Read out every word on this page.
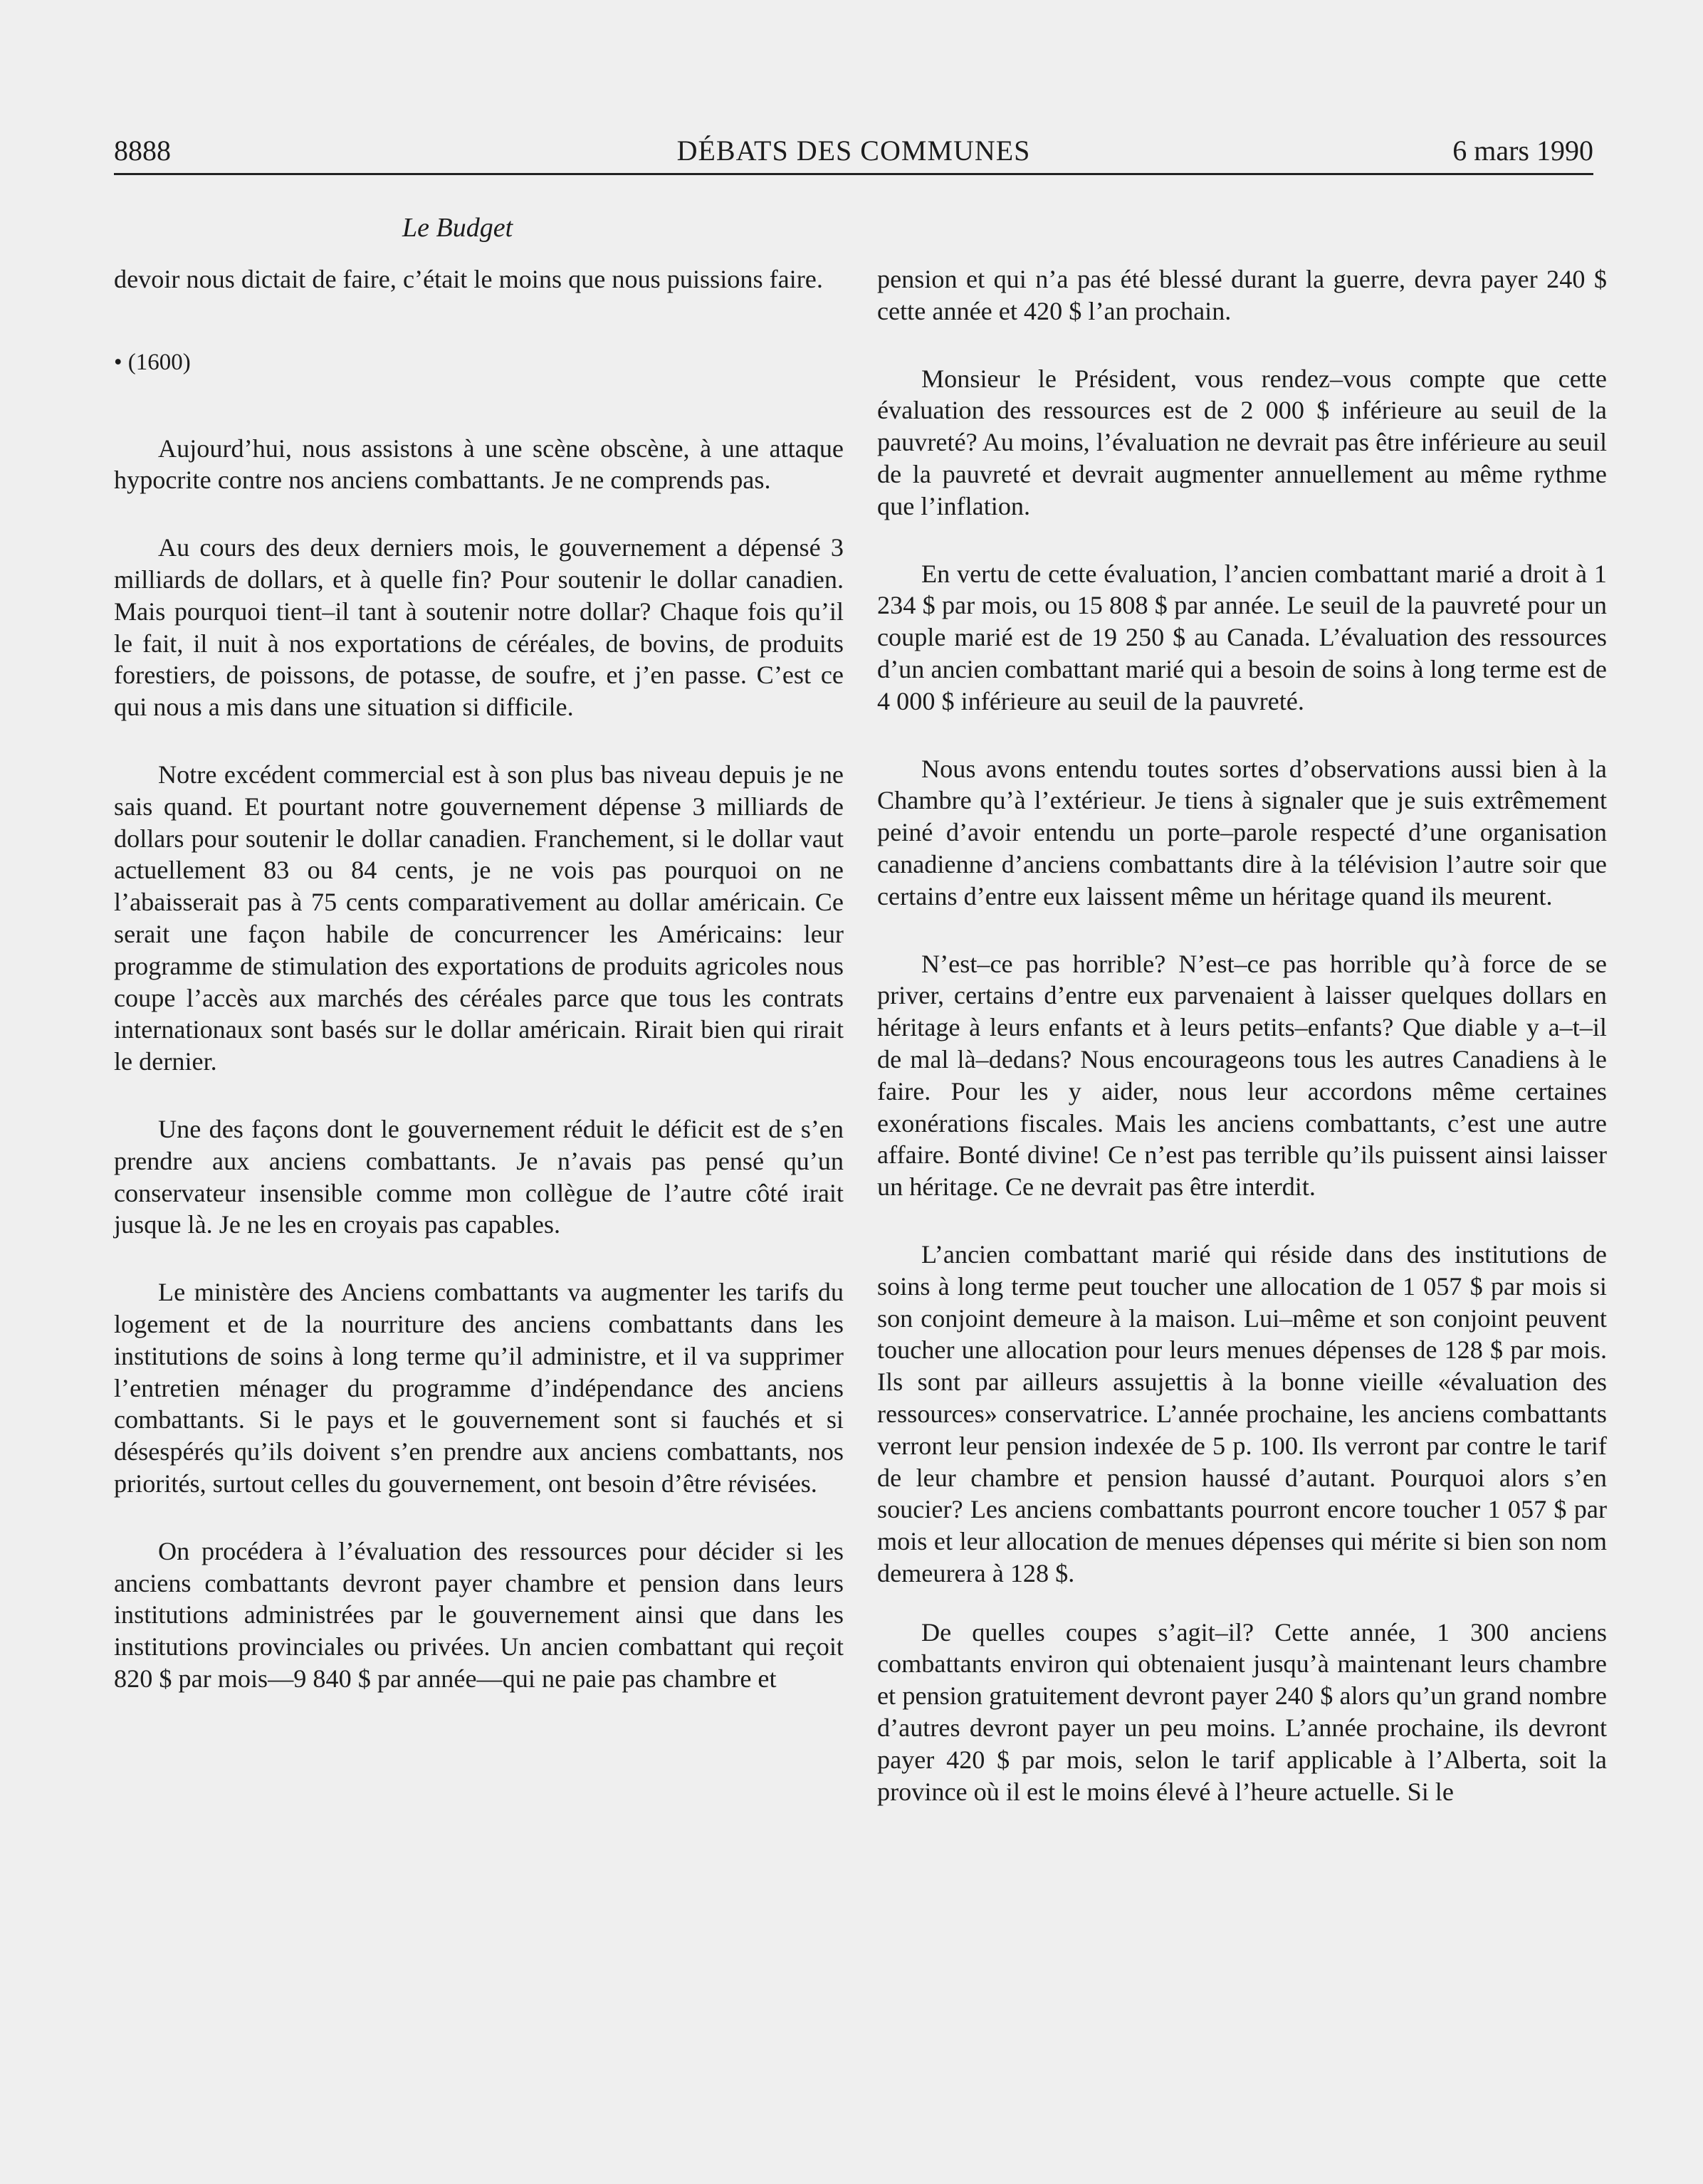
8888	DÉBATS DES COMMUNES	6 mars 1990
Le Budget

devoir nous dictait de faire, c’était le moins que nous puissions faire.

• (1600)

Aujourd’hui, nous assistons à une scène obscène, à une attaque hypocrite contre nos anciens combattants. Je ne comprends pas.

Au cours des deux derniers mois, le gouvernement a dépensé 3 milliards de dollars, et à quelle fin? Pour soutenir le dollar canadien. Mais pourquoi tient–il tant à soutenir notre dollar? Chaque fois qu’il le fait, il nuit à nos exportations de céréales, de bovins, de produits forestiers, de poissons, de potasse, de soufre, et j’en passe. C’est ce qui nous a mis dans une situation si difficile.

Notre excédent commercial est à son plus bas niveau depuis je ne sais quand. Et pourtant notre gouvernement dépense 3 milliards de dollars pour soutenir le dollar canadien. Franchement, si le dollar vaut actuellement 83 ou 84 cents, je ne vois pas pourquoi on ne l’abaisserait pas à 75 cents comparativement au dollar américain. Ce serait une façon habile de concurrencer les Américains: leur programme de stimulation des exportations de produits agricoles nous coupe l’accès aux marchés des céréales parce que tous les contrats internationaux sont basés sur le dollar américain. Rirait bien qui rirait le dernier.

Une des façons dont le gouvernement réduit le déficit est de s’en prendre aux anciens combattants. Je n’avais pas pensé qu’un conservateur insensible comme mon collègue de l’autre côté irait jusque là. Je ne les en croyais pas capables.

Le ministère des Anciens combattants va augmenter les tarifs du logement et de la nourriture des anciens combattants dans les institutions de soins à long terme qu’il administre, et il va supprimer l’entretien ménager du programme d’indépendance des anciens combattants. Si le pays et le gouvernement sont si fauchés et si désespérés qu’ils doivent s’en prendre aux anciens combattants, nos priorités, surtout celles du gouvernement, ont besoin d’être révisées.

On procédera à l’évaluation des ressources pour décider si les anciens combattants devront payer chambre et pension dans leurs institutions administrées par le gouvernement ainsi que dans les institutions provinciales ou privées. Un ancien combattant qui reçoit 820 $ par mois—9 840 $ par année—qui ne paie pas chambre et

pension et qui n’a pas été blessé durant la guerre, devra payer 240 $ cette année et 420 $ l’an prochain.

Monsieur le Président, vous rendez–vous compte que cette évaluation des ressources est de 2 000 $ inférieure au seuil de la pauvreté? Au moins, l’évaluation ne devrait pas être inférieure au seuil de la pauvreté et devrait augmenter annuellement au même rythme que l’inflation.

En vertu de cette évaluation, l’ancien combattant marié a droit à 1 234 $ par mois, ou 15 808 $ par année. Le seuil de la pauvreté pour un couple marié est de 19 250 $ au Canada. L’évaluation des ressources d’un ancien combattant marié qui a besoin de soins à long terme est de 4 000 $ inférieure au seuil de la pauvreté.

Nous avons entendu toutes sortes d’observations aussi bien à la Chambre qu’à l’extérieur. Je tiens à signaler que je suis extrêmement peiné d’avoir entendu un porte–parole respecté d’une organisation canadienne d’anciens combattants dire à la télévision l’autre soir que certains d’entre eux laissent même un héritage quand ils meurent.

N’est–ce pas horrible? N’est–ce pas horrible qu’à force de se priver, certains d’entre eux parvenaient à laisser quelques dollars en héritage à leurs enfants et à leurs petits–enfants? Que diable y a–t–il de mal là–dedans? Nous encourageons tous les autres Canadiens à le faire. Pour les y aider, nous leur accordons même certaines exonérations fiscales. Mais les anciens combattants, c’est une autre affaire. Bonté divine! Ce n’est pas terrible qu’ils puissent ainsi laisser un héritage. Ce ne devrait pas être interdit.

L’ancien combattant marié qui réside dans des institutions de soins à long terme peut toucher une allocation de 1 057 $ par mois si son conjoint demeure à la maison. Lui–même et son conjoint peuvent toucher une allocation pour leurs menues dépenses de 128 $ par mois. Ils sont par ailleurs assujettis à la bonne vieille «évaluation des ressources» conservatrice. L’année prochaine, les anciens combattants verront leur pension indexée de 5 p. 100. Ils verront par contre le tarif de leur chambre et pension haussé d’autant. Pourquoi alors s’en soucier? Les anciens combattants pourront encore toucher 1 057 $ par mois et leur allocation de menues dépenses qui mérite si bien son nom demeurera à 128 $.

De quelles coupes s’agit–il? Cette année, 1 300 anciens combattants environ qui obtenaient jusqu’à maintenant leurs chambre et pension gratuitement devront payer 240 $ alors qu’un grand nombre d’autres devront payer un peu moins. L’année prochaine, ils devront payer 420 $ par mois, selon le tarif applicable à l’Alberta, soit la province où il est le moins élevé à l’heure actuelle. Si le
